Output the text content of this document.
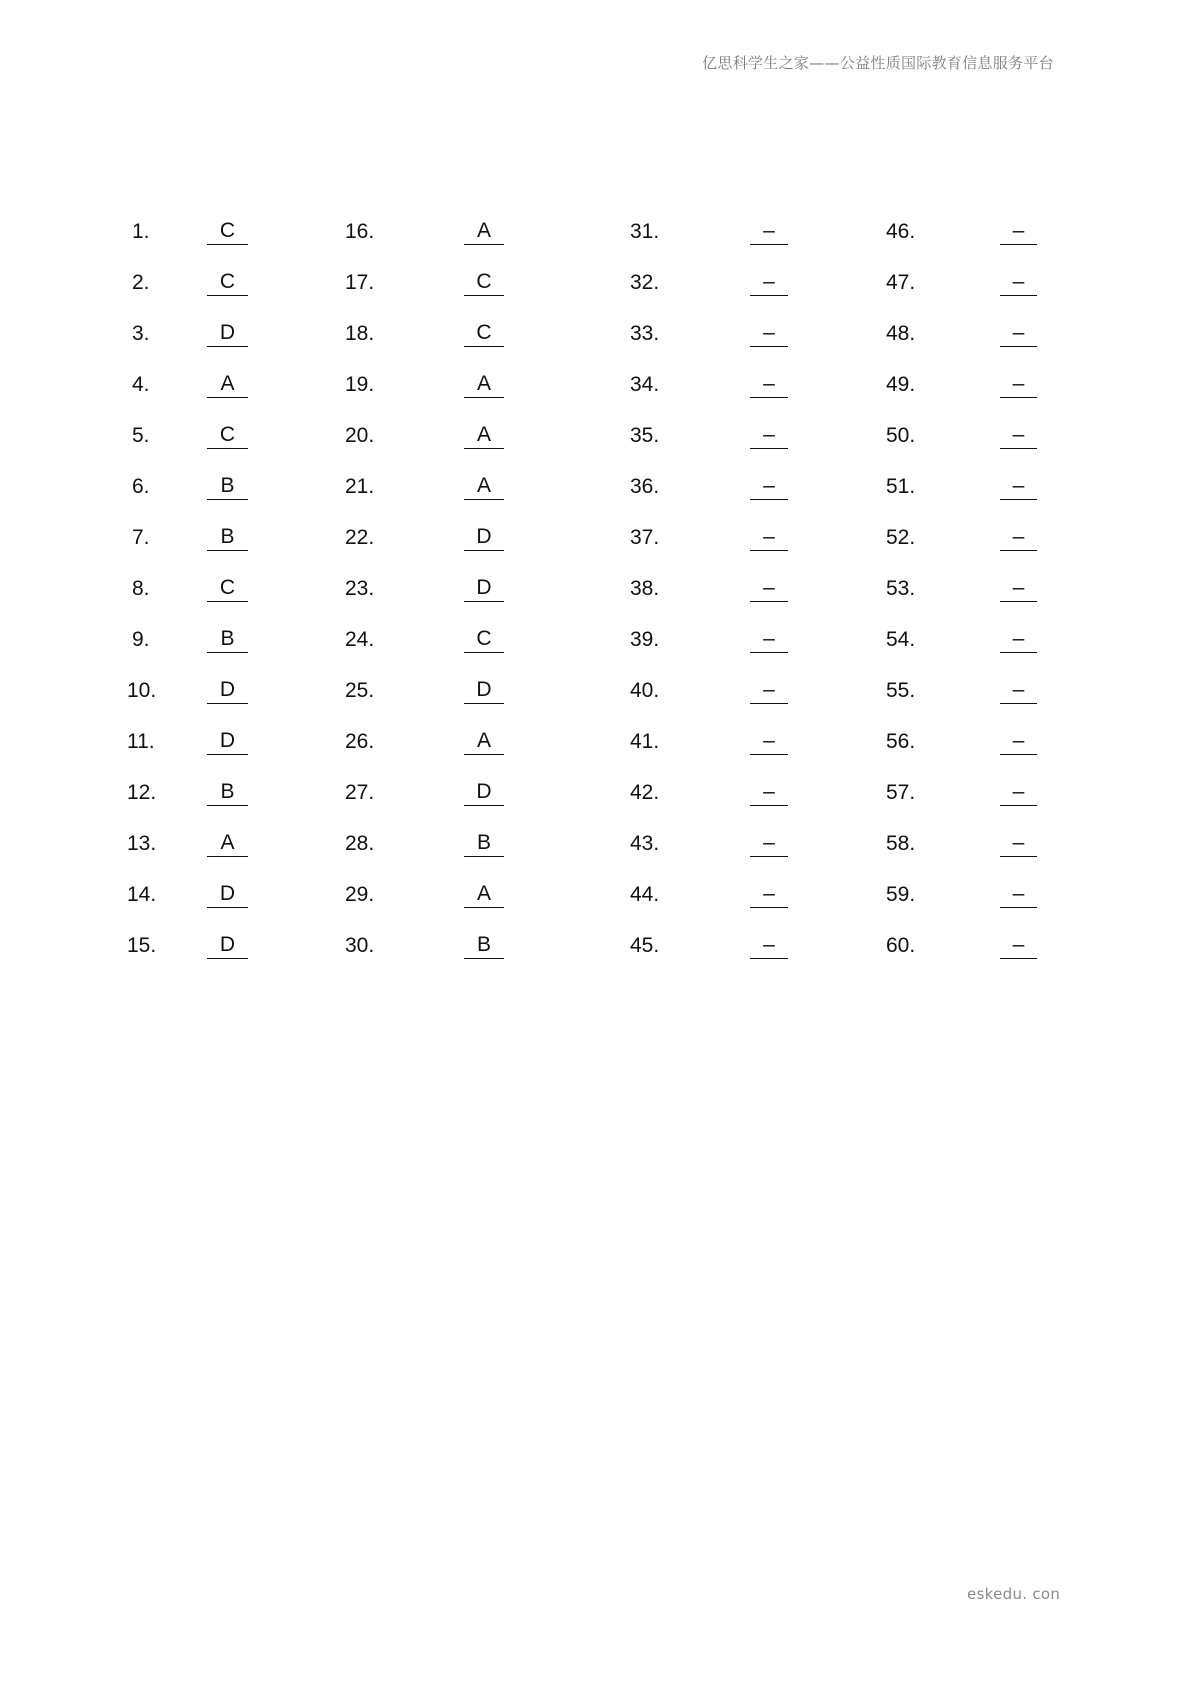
亿思科学生之家——公益性质国际教育信息服务平台
1.	C	16.	A	31.	–	46.	–
2.	C	17.	C	32.	–	47.	–
3.	D	18.	C	33.	–	48.	–
4.	A	19.	A	34.	–	49.	–
5.	C	20.	A	35.	–	50.	–
6.	B	21.	A	36.	–	51.	–
7.	B	22.	D	37.	–	52.	–
8.	C	23.	D	38.	–	53.	–
9.	B	24.	C	39.	–	54.	–
10.	D	25.	D	40.	–	55.	–
11.	D	26.	A	41.	–	56.	–
12.	B	27.	D	42.	–	57.	–
13.	A	28.	B	43.	–	58.	–
14.	D	29.	A	44.	–	59.	–
15.	D	30.	B	45.	–	60.	–
eskedu. con
